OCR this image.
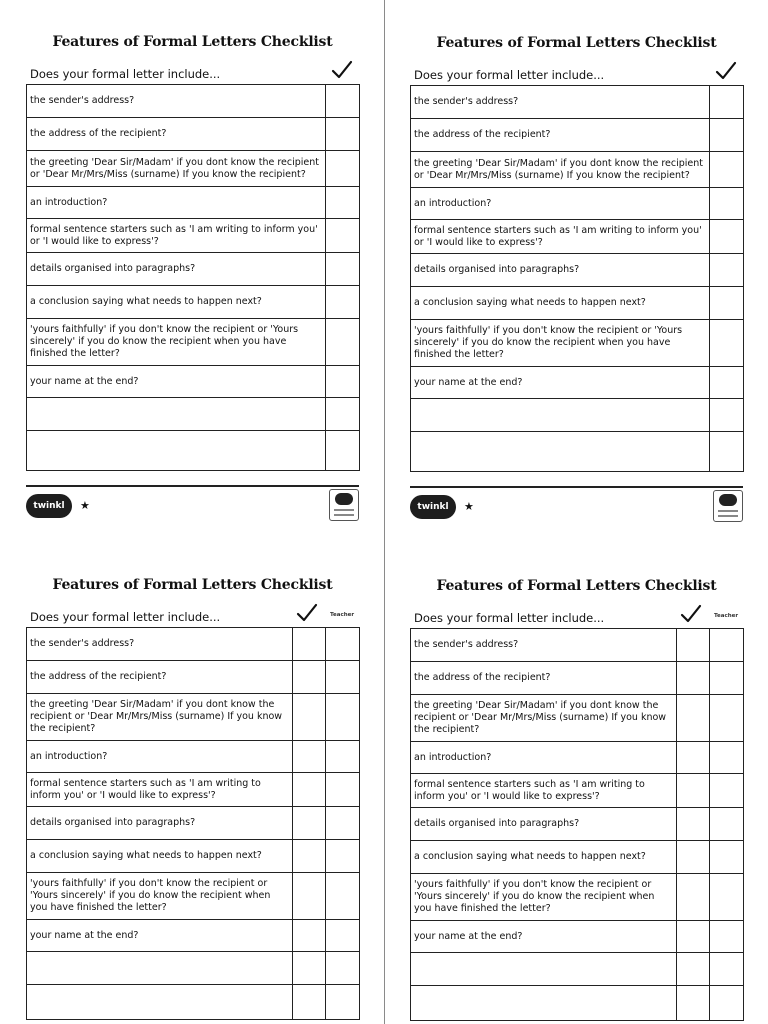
Features of Formal Letters Checklist
Does your formal letter include...
the sender's address?	
the address of the recipient?	
the greeting 'Dear Sir/Madam' if you dont know the recipient or 'Dear Mr/Mrs/Miss (surname) If you know the recipient?	
an introduction?	
formal sentence starters such as 'I am writing to inform you' or 'I would like to express'?	
details organised into paragraphs?	
a conclusion saying what needs to happen next?	
'yours faithfully' if you don't know the recipient or 'Yours sincerely' if you do know the recipient when you have finished the letter?	
your name at the end?	

twinkl	★
Features of Formal Letters Checklist
Does your formal letter include...
the sender's address?	
the address of the recipient?	
the greeting 'Dear Sir/Madam' if you dont know the recipient or 'Dear Mr/Mrs/Miss (surname) If you know the recipient?	
an introduction?	
formal sentence starters such as 'I am writing to inform you' or 'I would like to express'?	
details organised into paragraphs?	
a conclusion saying what needs to happen next?	
'yours faithfully' if you don't know the recipient or 'Yours sincerely' if you do know the recipient when you have finished the letter?	
your name at the end?	

twinkl	★
Features of Formal Letters Checklist
Does your formal letter include...	Teacher
the sender's address?		
the address of the recipient?		
the greeting 'Dear Sir/Madam' if you dont know the recipient or 'Dear Mr/Mrs/Miss (surname) If you know the recipient?		
an introduction?		
formal sentence starters such as 'I am writing to inform you' or 'I would like to express'?		
details organised into paragraphs?		
a conclusion saying what needs to happen next?		
'yours faithfully' if you don't know the recipient or 'Yours sincerely' if you do know the recipient when you have finished the letter?		
your name at the end?		

Features of Formal Letters Checklist
Does your formal letter include...	Teacher
the sender's address?		
the address of the recipient?		
the greeting 'Dear Sir/Madam' if you dont know the recipient or 'Dear Mr/Mrs/Miss (surname) If you know the recipient?		
an introduction?		
formal sentence starters such as 'I am writing to inform you' or 'I would like to express'?		
details organised into paragraphs?		
a conclusion saying what needs to happen next?		
'yours faithfully' if you don't know the recipient or 'Yours sincerely' if you do know the recipient when you have finished the letter?		
your name at the end?		
